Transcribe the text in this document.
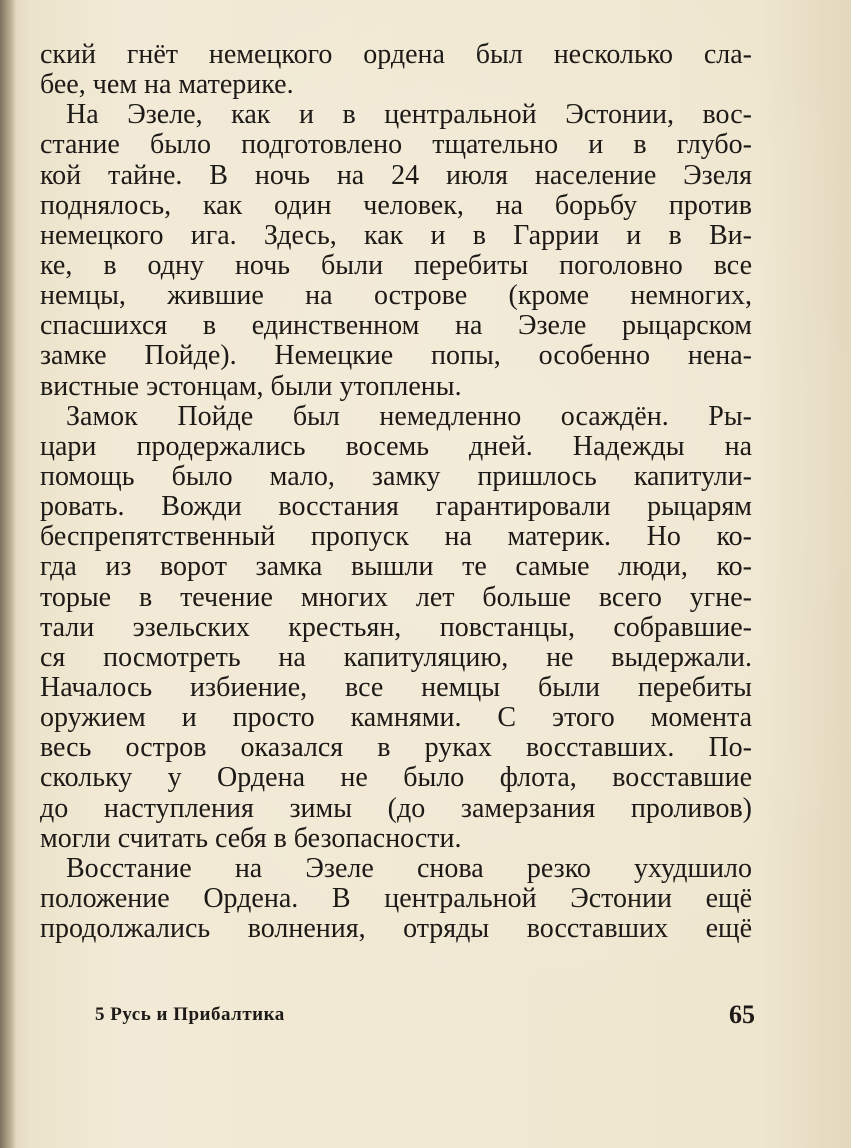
ский гнёт немецкого ордена был несколько сла-
бее, чем на материке.
На Эзеле, как и в центральной Эстонии, вос-
стание было подготовлено тщательно и в глубо-
кой тайне. В ночь на 24 июля население Эзеля
поднялось, как один человек, на борьбу против
немецкого ига. Здесь, как и в Гаррии и в Ви-
ке, в одну ночь были перебиты поголовно все
немцы, жившие на острове (кроме немногих,
спасшихся в единственном на Эзеле рыцарском
замке Пойде). Немецкие попы, особенно нена-
вистные эстонцам, были утоплены.
Замок Пойде был немедленно осаждён. Ры-
цари продержались восемь дней. Надежды на
помощь было мало, замку пришлось капитули-
ровать. Вожди восстания гарантировали рыцарям
беспрепятственный пропуск на материк. Но ко-
гда из ворот замка вышли те самые люди, ко-
торые в течение многих лет больше всего угне-
тали эзельских крестьян, повстанцы, собравшие-
ся посмотреть на капитуляцию, не выдержали.
Началось избиение, все немцы были перебиты
оружием и просто камнями. С этого момента
весь остров оказался в руках восставших. По-
скольку у Ордена не было флота, восставшие
до наступления зимы (до замерзания проливов)
могли считать себя в безопасности.
Восстание на Эзеле снова резко ухудшило
положение Ордена. В центральной Эстонии ещё
продолжались волнения, отряды восставших ещё
5 Русь и Прибалтика	65
